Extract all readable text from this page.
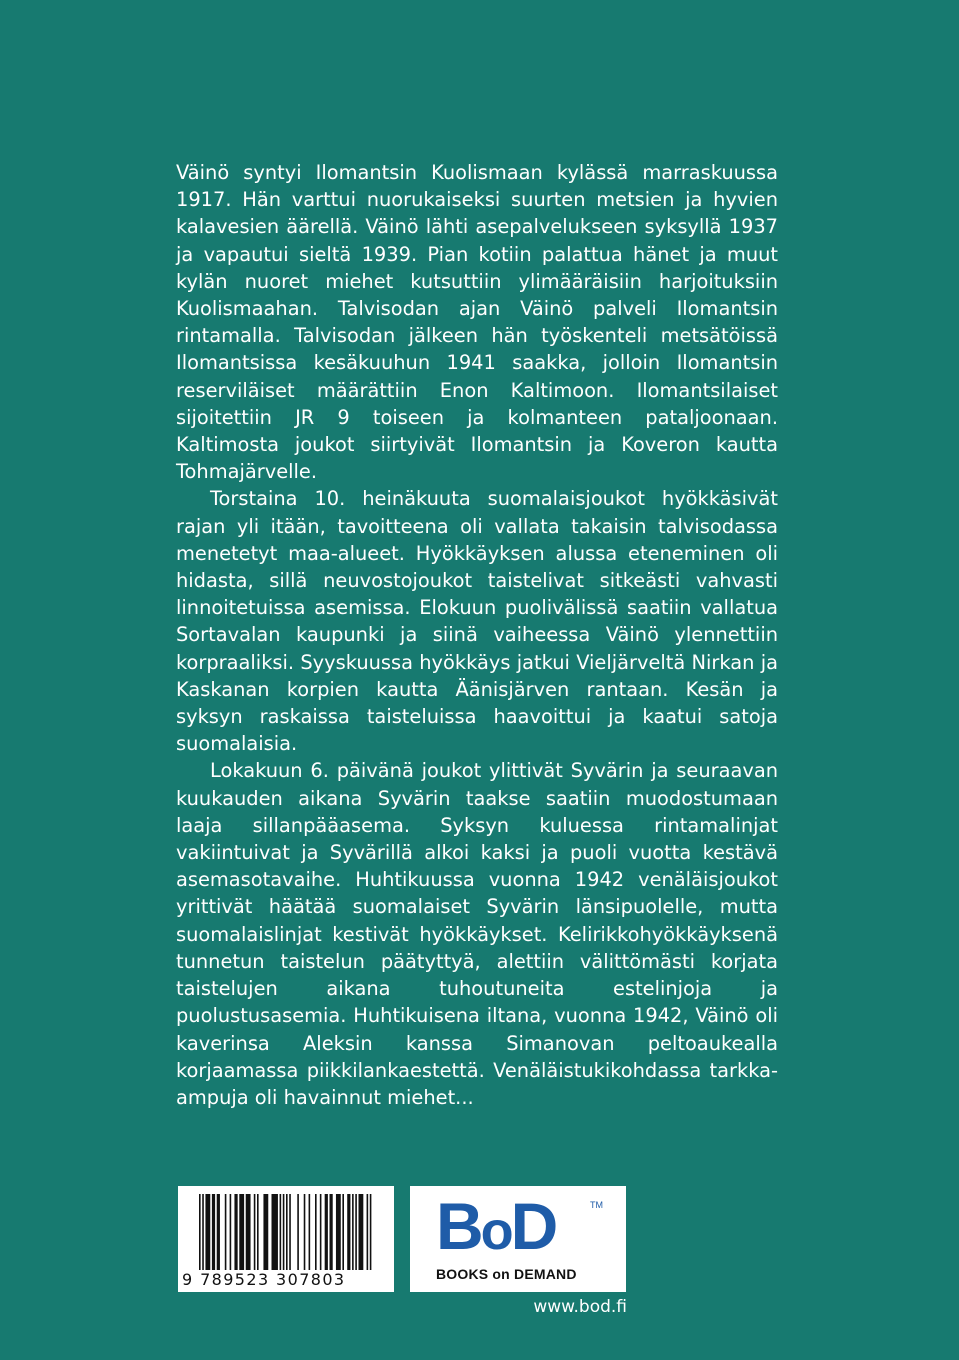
Väinö syntyi Ilomantsin Kuolismaan kylässä marraskuussa 1917. Hän varttui nuorukaiseksi suurten metsien ja hyvien kalavesien äärellä. Väinö lähti asepalvelukseen syksyllä 1937 ja vapautui sieltä 1939. Pian kotiin palattua hänet ja muut kylän nuoret miehet kutsuttiin ylimääräisiin harjoituksiin Kuolismaahan. Talvisodan ajan Väinö palveli Ilomantsin rintamalla. Talvisodan jälkeen hän työskenteli metsätöissä Ilomantsissa kesäkuuhun 1941 saakka, jolloin Ilomantsin reserviläiset määrättiin Enon Kaltimoon. Ilomantsilaiset sijoitettiin JR 9 toiseen ja kolmanteen pataljoonaan. Kaltimosta joukot siirtyivät Ilomantsin ja Koveron kautta Tohmajärvelle.

Torstaina 10. heinäkuuta suomalaisjoukot hyökkäsivät rajan yli itään, tavoitteena oli vallata takaisin talvisodassa menetetyt maa-alueet. Hyökkäyksen alussa eteneminen oli hidasta, sillä neuvostojoukot taistelivat sitkeästi vahvasti linnoitetuissa asemissa. Elokuun puolivälissä saatiin vallatua Sortavalan kaupunki ja siinä vaiheessa Väinö ylennettiin korpraaliksi. Syyskuussa hyökkäys jatkui Vieljärveltä Nirkan ja Kaskanan korpien kautta Äänisjärven rantaan. Kesän ja syksyn raskaissa taisteluissa haavoittui ja kaatui satoja suomalaisia.

Lokakuun 6. päivänä joukot ylittivät Syvärin ja seuraavan kuukauden aikana Syvärin taakse saatiin muodostumaan laaja sillanpääasema. Syksyn kuluessa rintamalinjat vakiintuivat ja Syvärillä alkoi kaksi ja puoli vuotta kestävä asemasotavaihe. Huhtikuussa vuonna 1942 venäläisjoukot yrittivät häätää suomalaiset Syvärin länsipuolelle, mutta suomalaislinjat kestivät hyökkäykset. Kelirikkohyökkäyksenä tunnetun taistelun päätyttyä, alettiin välittömästi korjata taistelujen aikana tuhoutuneita estelinjoja ja puolustusasemia. Huhtikuisena iltana, vuonna 1942, Väinö oli kaverinsa Aleksin kanssa Simanovan peltoaukealla korjaamassa piikkilankaestettä. Venäläistukikohdassa tarkka-ampuja oli havainnut miehet...

9 789523 307803
BoD	TM
BOOKS on DEMAND
www.bod.fi
